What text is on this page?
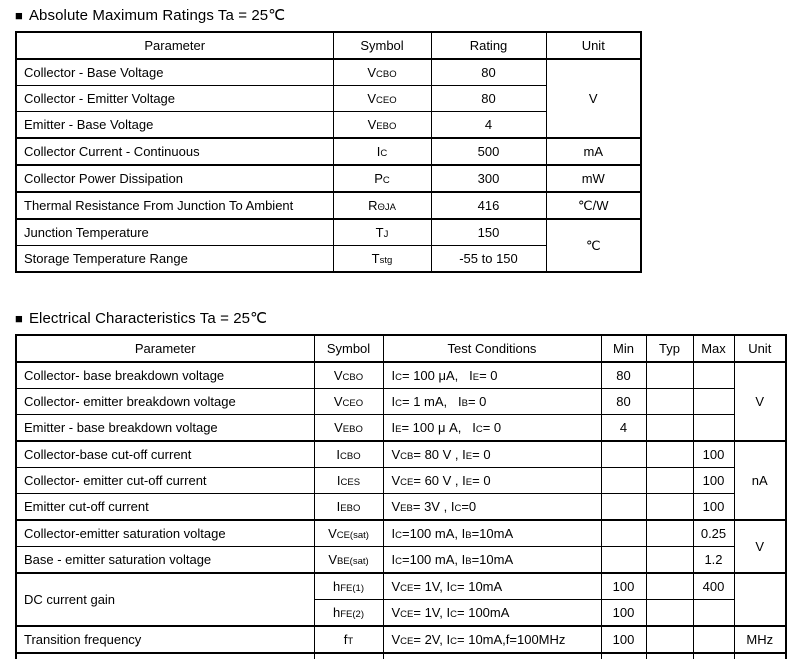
■ Absolute Maximum Ratings Ta = 25℃
Parameter	Symbol	Rating	Unit
Collector - Base Voltage	VCBO	80	V
Collector - Emitter Voltage	VCEO	80	
Emitter - Base Voltage	VEBO	4	
Collector Current - Continuous	IC	500	mA
Collector Power Dissipation	PC	300	mW
Thermal Resistance From Junction To Ambient	RΘJA	416	℃/W
Junction Temperature	TJ	150	℃
Storage Temperature Range	Tstg	-55 to 150	
■ Electrical Characteristics Ta = 25℃
Parameter	Symbol	Test Conditions	Min	Typ	Max	Unit
Collector- base breakdown voltage	VCBO	IC= 100 μA,   IE= 0	80			V
Collector- emitter breakdown voltage	VCEO	IC= 1 mA,   IB= 0	80			
Emitter - base breakdown voltage	VEBO	IE= 100 μ A,   IC= 0	4			
Collector-base cut-off current	ICBO	VCB= 80 V , IE= 0			100	nA
Collector- emitter cut-off current	ICES	VCE= 60 V , IE= 0			100	
Emitter cut-off current	IEBO	VEB= 3V , IC=0			100	
Collector-emitter saturation voltage	VCE(sat)	IC=100 mA, IB=10mA			0.25	V
Base - emitter saturation voltage	VBE(sat)	IC=100 mA, IB=10mA			1.2	
DC current gain	hFE(1)	VCE= 1V, IC= 10mA	100		400	
	hFE(2)	VCE= 1V, IC= 100mA	100			
Transition frequency	fT	VCE= 2V, IC= 10mA,f=100MHz	100			MHz
